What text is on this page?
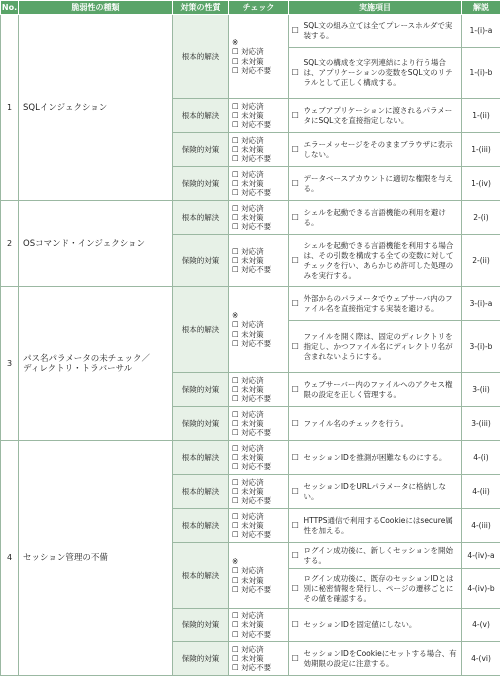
No.	脆弱性の種類	対策の性質	チェック	実施項目		解説
1	SQLインジェクション	根本的解決	※
☐ 対応済
☐ 未対策
☐ 対応不要	☐	SQL文の組み立ては全てプレースホルダで実装する。	1-(i)-a
				☐	SQL文の構成を文字列連結により行う場合は、アプリケーションの変数をSQL文のリテラルとして正しく構成する。	1-(i)-b
		根本的解決	☐ 対応済
☐ 未対策
☐ 対応不要	☐	ウェブアプリケーションに渡されるパラメータにSQL文を直接指定しない。	1-(ii)
		保険的対策	☐ 対応済
☐ 未対策
☐ 対応不要	☐	エラーメッセージをそのままブラウザに表示しない。	1-(iii)
		保険的対策	☐ 対応済
☐ 未対策
☐ 対応不要	☐	データベースアカウントに適切な権限を与える。	1-(iv)
2	OSコマンド・インジェクション	根本的解決	☐ 対応済
☐ 未対策
☐ 対応不要	☐	シェルを起動できる言語機能の利用を避ける。	2-(i)
		保険的対策	☐ 対応済
☐ 未対策
☐ 対応不要	☐	シェルを起動できる言語機能を利用する場合は、その引数を構成する全ての変数に対してチェックを行い、あらかじめ許可した処理のみを実行する。	2-(ii)
3	パス名パラメータの未チェック／
ディレクトリ・トラバーサル	根本的解決	※
☐ 対応済
☐ 未対策
☐ 対応不要	☐	外部からのパラメータでウェブサーバ内のファイル名を直接指定する実装を避ける。	3-(i)-a
				☐	ファイルを開く際は、固定のディレクトリを指定し、かつファイル名にディレクトリ名が含まれないようにする。	3-(i)-b
		保険的対策	☐ 対応済
☐ 未対策
☐ 対応不要	☐	ウェブサーバー内のファイルへのアクセス権限の設定を正しく管理する。	3-(ii)
		保険的対策	☐ 対応済
☐ 未対策
☐ 対応不要	☐	ファイル名のチェックを行う。	3-(iii)
4	セッション管理の不備	根本的解決	☐ 対応済
☐ 未対策
☐ 対応不要	☐	セッションIDを推測が困難なものにする。	4-(i)
		根本的解決	☐ 対応済
☐ 未対策
☐ 対応不要	☐	セッションIDをURLパラメータに格納しない。	4-(ii)
		根本的解決	☐ 対応済
☐ 未対策
☐ 対応不要	☐	HTTPS通信で利用するCookieにはsecure属性を加える。	4-(iii)
		根本的解決	※
☐ 対応済
☐ 未対策
☐ 対応不要	☐	ログイン成功後に、新しくセッションを開始する。	4-(iv)-a
				☐	ログイン成功後に、既存のセッションIDとは別に秘密情報を発行し、ページの遷移ごとにその値を確認する。	4-(iv)-b
		保険的対策	☐ 対応済
☐ 未対策
☐ 対応不要	☐	セッションIDを固定値にしない。	4-(v)
		保険的対策	☐ 対応済
☐ 未対策
☐ 対応不要	☐	セッションIDをCookieにセットする場合、有効期限の設定に注意する。	4-(vi)
